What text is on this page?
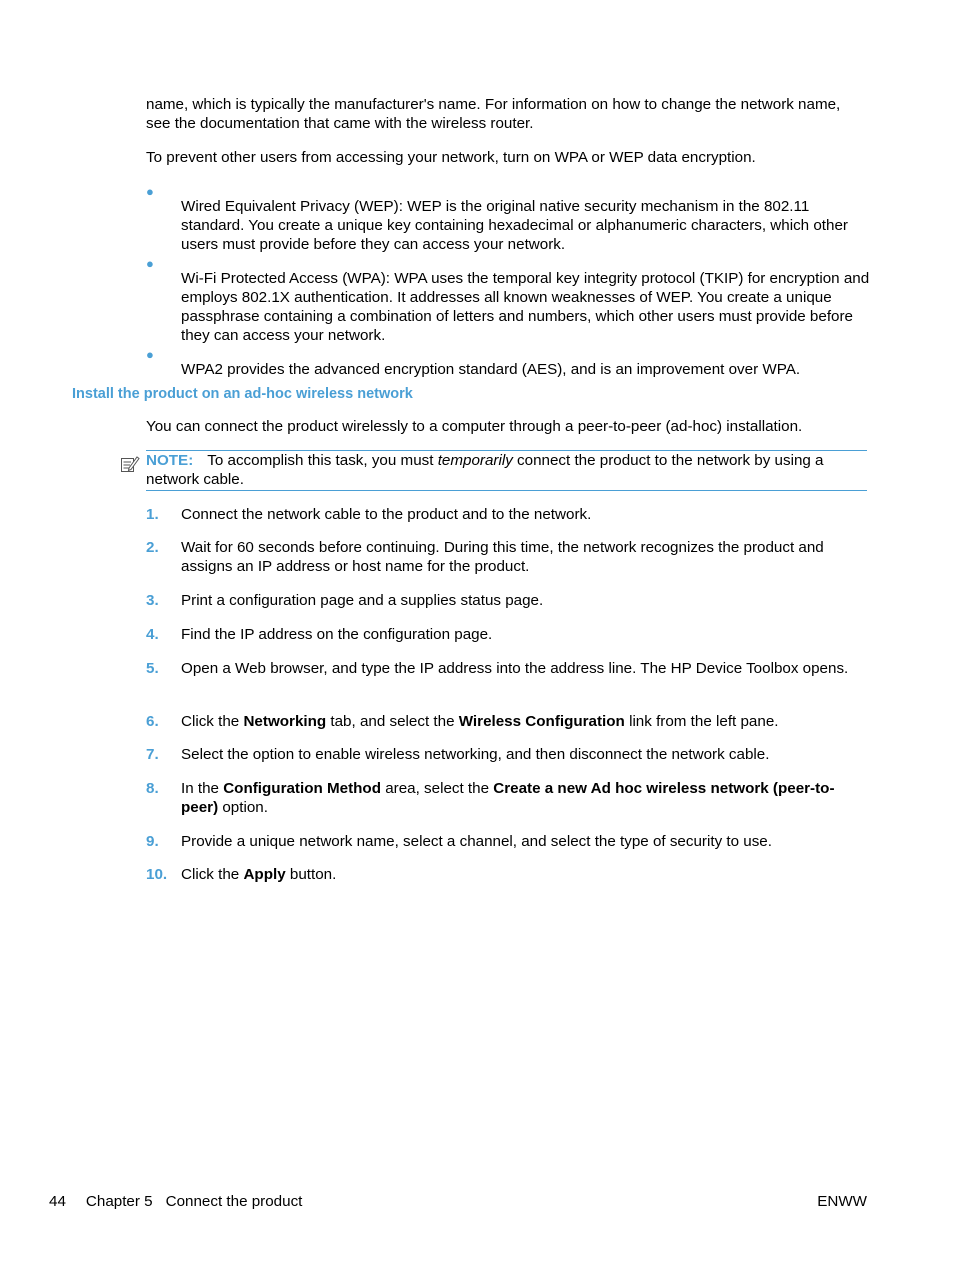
name, which is typically the manufacturer's name. For information on how to change the network name, see the documentation that came with the wireless router.

To prevent other users from accessing your network, turn on WPA or WEP data encryption.

●

Wired Equivalent Privacy (WEP): WEP is the original native security mechanism in the 802.11 standard. You create a unique key containing hexadecimal or alphanumeric characters, which other users must provide before they can access your network.

●

Wi-Fi Protected Access (WPA): WPA uses the temporal key integrity protocol (TKIP) for encryption and employs 802.1X authentication. It addresses all known weaknesses of WEP. You create a unique passphrase containing a combination of letters and numbers, which other users must provide before they can access your network.

●

WPA2 provides the advanced encryption standard (AES), and is an improvement over WPA.

Install the product on an ad-hoc wireless network

You can connect the product wirelessly to a computer through a peer-to-peer (ad-hoc) installation.

NOTE: To accomplish this task, you must temporarily connect the product to the network by using a network cable.

1.	Connect the network cable to the product and to the network.

2.	Wait for 60 seconds before continuing. During this time, the network recognizes the product and assigns an IP address or host name for the product.

3.	Print a configuration page and a supplies status page.

4.	Find the IP address on the configuration page.

5.	Open a Web browser, and type the IP address into the address line. The HP Device Toolbox opens.

6.	Click the Networking tab, and select the Wireless Configuration link from the left pane.

7.	Select the option to enable wireless networking, and then disconnect the network cable.

8.	In the Configuration Method area, select the Create a new Ad hoc wireless network (peer-to-peer) option.

9.	Provide a unique network name, select a channel, and select the type of security to use.

10. Click the Apply button.

44 Chapter 5 Connect the product	ENWW
